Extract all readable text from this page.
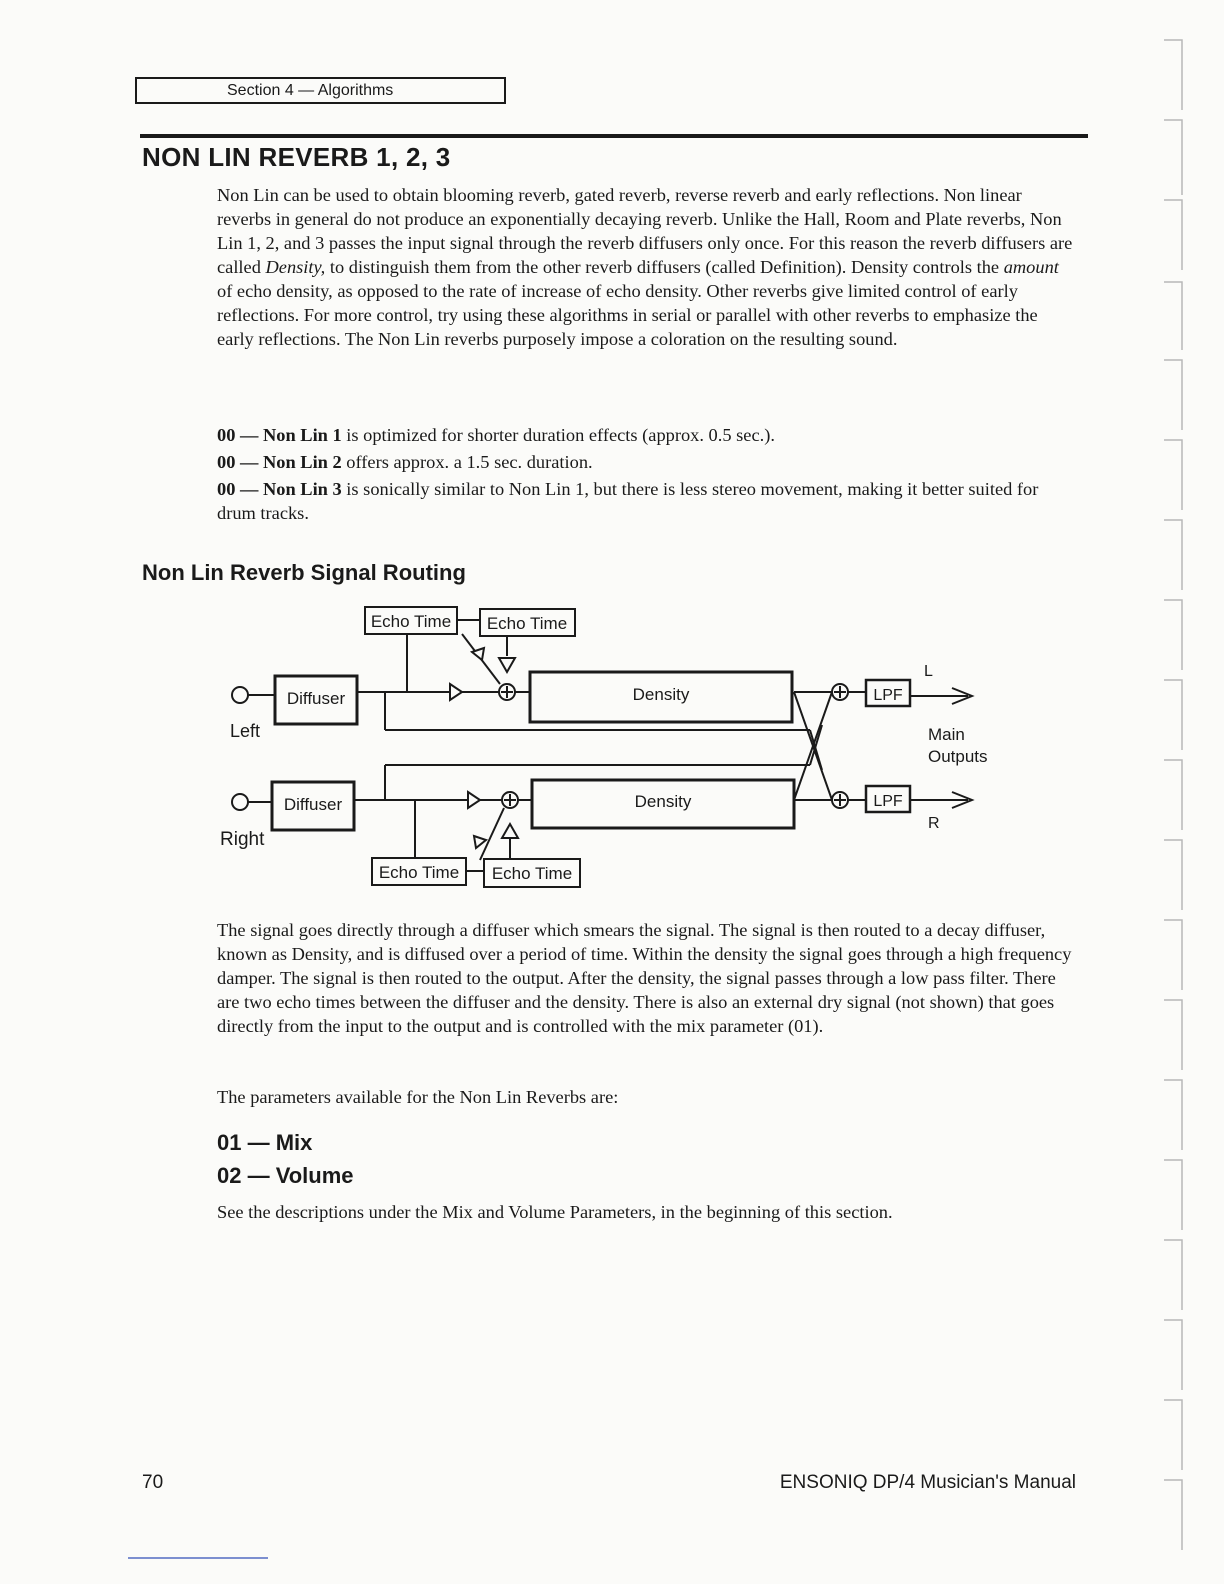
Section 4 — Algorithms
NON LIN REVERB 1, 2, 3

Non Lin can be used to obtain blooming reverb, gated reverb, reverse reverb and early reflections. Non linear reverbs in general do not produce an exponentially decaying reverb. Unlike the Hall, Room and Plate reverbs, Non Lin 1, 2, and 3 passes the input signal through the reverb diffusers only once. For this reason the reverb diffusers are called Density, to distinguish them from the other reverb diffusers (called Definition). Density controls the amount of echo density, as opposed to the rate of increase of echo density. Other reverbs give limited control of early reflections. For more control, try using these algorithms in serial or parallel with other reverbs to emphasize the early reflections. The Non Lin reverbs purposely impose a coloration on the resulting sound.

00 — Non Lin 1 is optimized for shorter duration effects (approx. 0.5 sec.).

00 — Non Lin 2 offers approx. a 1.5 sec. duration.

00 — Non Lin 3 is sonically similar to Non Lin 1, but there is less stereo movement, making it better suited for drum tracks.

Non Lin Reverb Signal Routing
Echo Time Echo Time
Diffuser
Left
Density
Diffuser
Right
Density
Echo Time Echo Time
LPF
LPF
L
R
Main
Outputs

The signal goes directly through a diffuser which smears the signal. The signal is then routed to a decay diffuser, known as Density, and is diffused over a period of time. Within the density the signal goes through a high frequency damper. The signal is then routed to the output. After the density, the signal passes through a low pass filter. There are two echo times between the diffuser and the density. There is also an external dry signal (not shown) that goes directly from the input to the output and is controlled with the mix parameter (01).

The parameters available for the Non Lin Reverbs are:

01 — Mix
02 — Volume

See the descriptions under the Mix and Volume Parameters, in the beginning of this section.

70	ENSONIQ DP/4 Musician's Manual
